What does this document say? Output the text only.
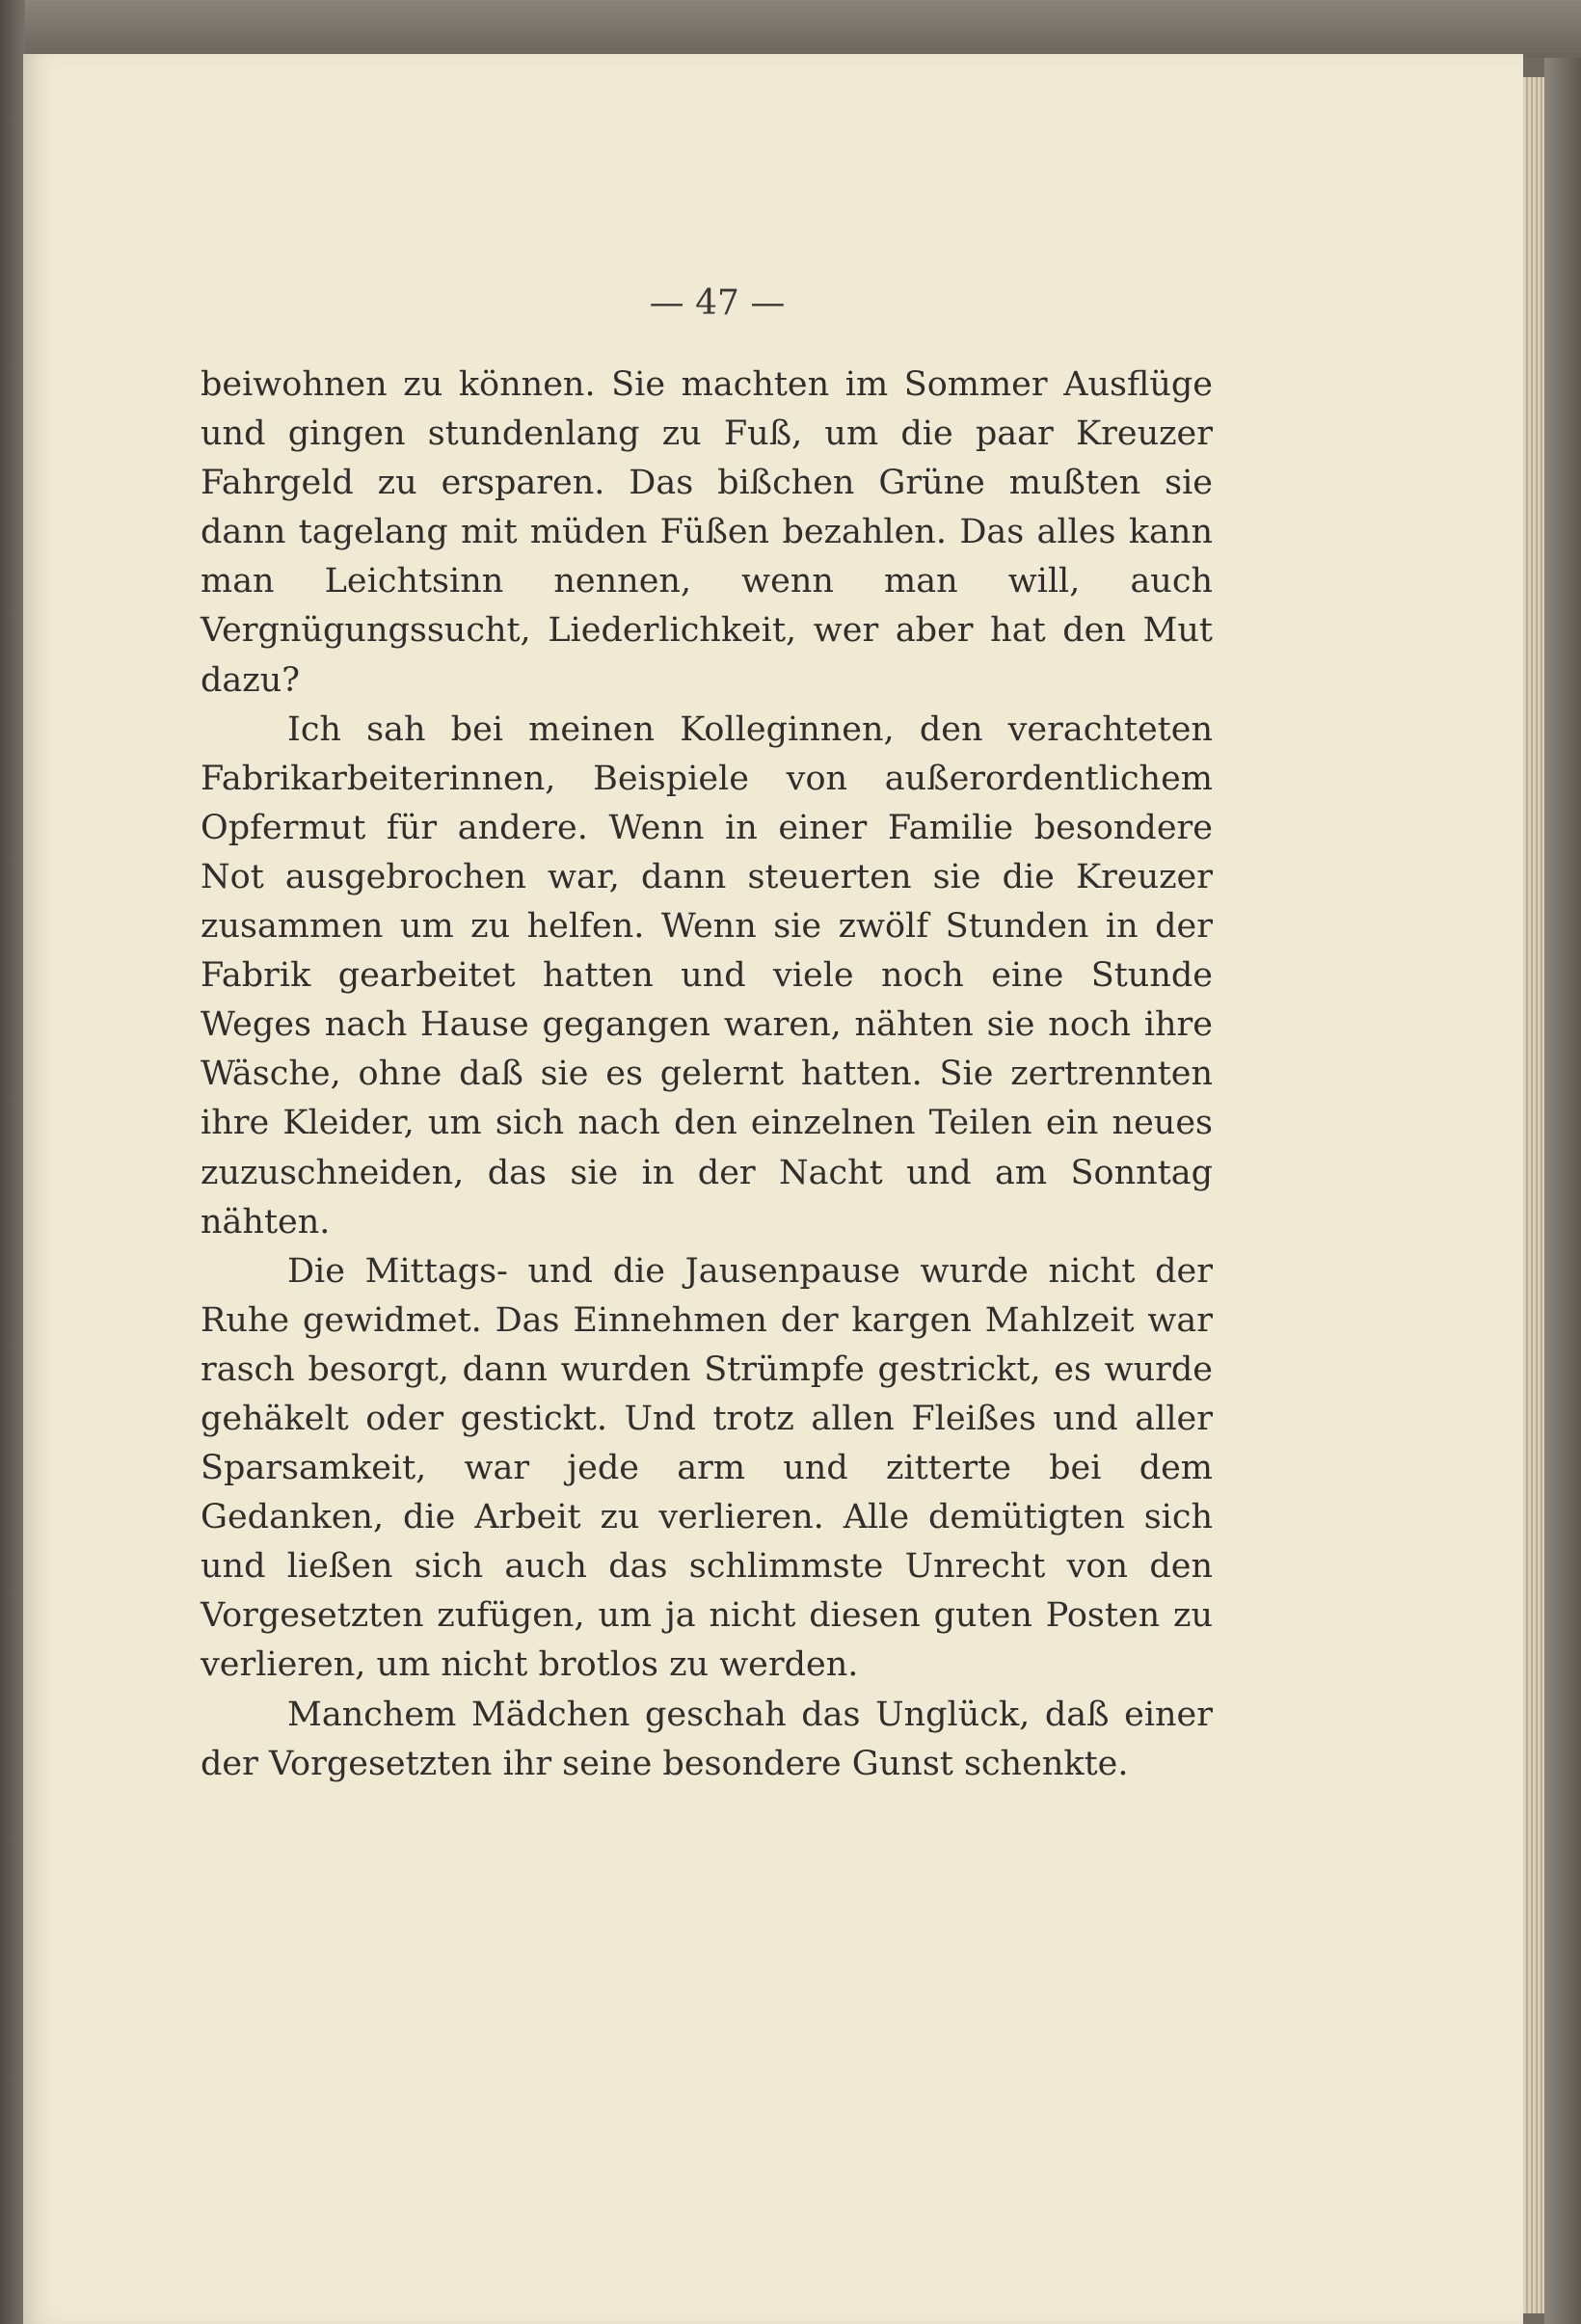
— 47 —

beiwohnen zu können. Sie machten im Sommer Ausflüge und gingen stundenlang zu Fuß, um die paar Kreuzer Fahrgeld zu ersparen. Das bißchen Grüne mußten sie dann tagelang mit müden Füßen bezahlen. Das alles kann man Leichtsinn nennen, wenn man will, auch Vergnügungssucht, Liederlichkeit, wer aber hat den Mut dazu?

Ich sah bei meinen Kolleginnen, den verachteten Fabrikarbeiterinnen, Beispiele von außerordentlichem Opfermut für andere. Wenn in einer Familie besondere Not ausgebrochen war, dann steuerten sie die Kreuzer zusammen um zu helfen. Wenn sie zwölf Stunden in der Fabrik gearbeitet hatten und viele noch eine Stunde Weges nach Hause gegangen waren, nähten sie noch ihre Wäsche, ohne daß sie es gelernt hatten. Sie zertrennten ihre Kleider, um sich nach den einzelnen Teilen ein neues zuzuschneiden, das sie in der Nacht und am Sonntag nähten.

Die Mittags- und die Jausenpause wurde nicht der Ruhe gewidmet. Das Einnehmen der kargen Mahlzeit war rasch besorgt, dann wurden Strümpfe gestrickt, es wurde gehäkelt oder gestickt. Und trotz allen Fleißes und aller Sparsamkeit, war jede arm und zitterte bei dem Gedanken, die Arbeit zu verlieren. Alle demütigten sich und ließen sich auch das schlimmste Unrecht von den Vorgesetzten zufügen, um ja nicht diesen guten Posten zu verlieren, um nicht brotlos zu werden.

Manchem Mädchen geschah das Unglück, daß einer der Vorgesetzten ihr seine besondere Gunst schenkte.
